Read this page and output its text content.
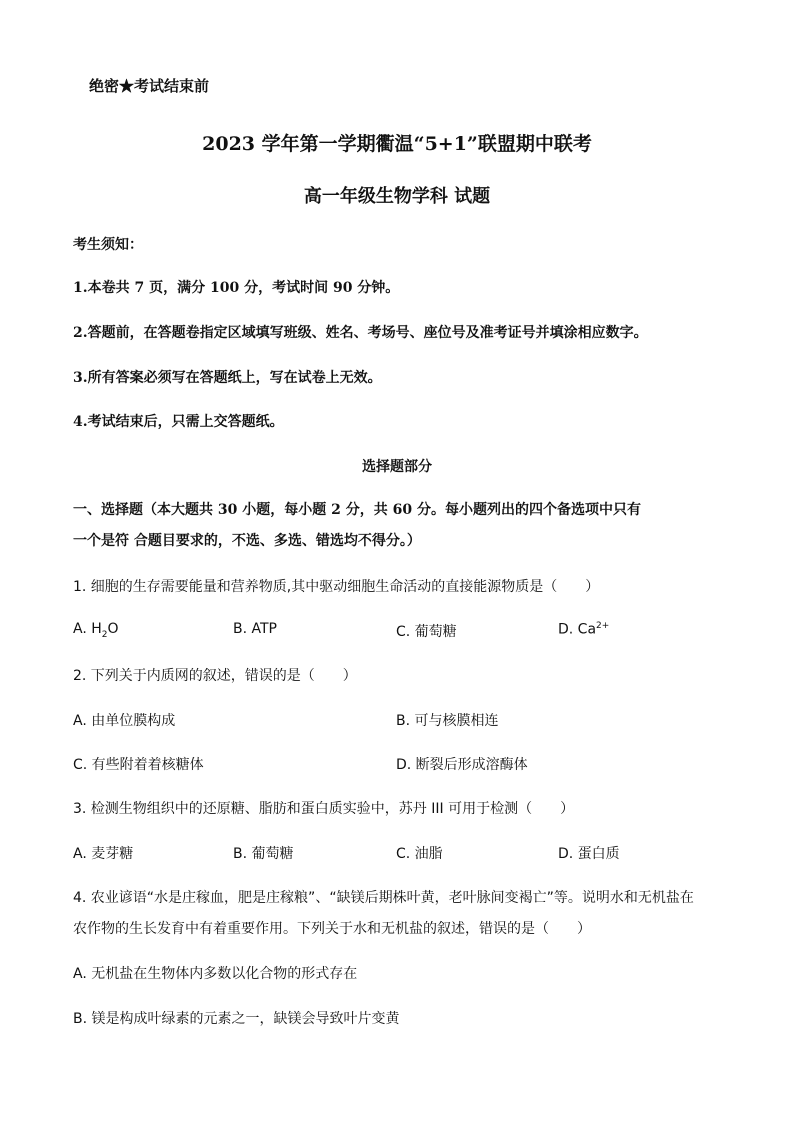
绝密★考试结束前
2023 学年第一学期衢温“5+1”联盟期中联考
高一年级生物学科 试题
考生须知：
1.本卷共 7 页，满分 100 分，考试时间 90 分钟。
2.答题前，在答题卷指定区域填写班级、姓名、考场号、座位号及准考证号并填涂相应数字。
3.所有答案必须写在答题纸上，写在试卷上无效。
4.考试结束后，只需上交答题纸。
选择题部分
一、选择题（本大题共 30 小题，每小题 2 分，共 60 分。每小题列出的四个备选项中只有
一个是符 合题目要求的，不选、多选、错选均不得分。）
1. 细胞的生存需要能量和营养物质,其中驱动细胞生命活动的直接能源物质是（　　）
A. $H_2O$	B. ATP	C. 葡萄糖	D. $Ca^{2+}$
2. 下列关于内质网的叙述，错误的是（　　）
A. 由单位膜构成	B. 可与核膜相连
C. 有些附着着核糖体	D. 断裂后形成溶酶体
3. 检测生物组织中的还原糖、脂肪和蛋白质实验中，苏丹 III 可用于检测（　　）
A. 麦芽糖	B. 葡萄糖	C. 油脂	D. 蛋白质
4. 农业谚语“水是庄稼血，肥是庄稼粮”、“缺镁后期株叶黄，老叶脉间变褐亡”等。说明水和无机盐在
农作物的生长发育中有着重要作用。下列关于水和无机盐的叙述，错误的是（　　）
A. 无机盐在生物体内多数以化合物的形式存在
B. 镁是构成叶绿素的元素之一，缺镁会导致叶片变黄
